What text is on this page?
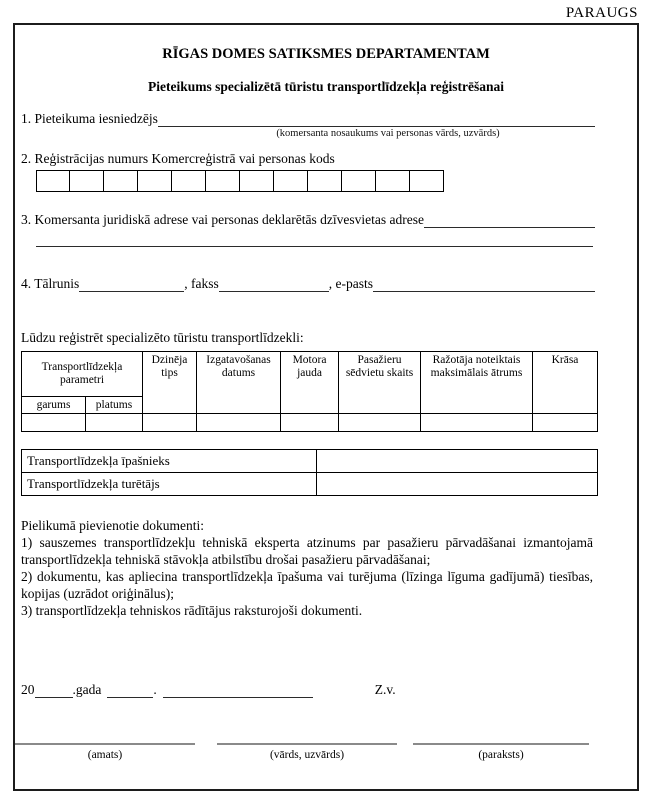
PARAUGS
RĪGAS DOMES SATIKSMES DEPARTAMENTAM
Pieteikums specializētā tūristu transportlīdzekļa reģistrēšanai
1. Pieteikuma iesniedzējs
(komersanta nosaukums vai personas vārds, uzvārds)
2. Reģistrācijas numurs Komercreģistrā vai personas kods
3. Komersanta juridiskā adrese vai personas deklarētās dzīvesvietas adrese
4. Tālrunis	, fakss	, e-pasts
Lūdzu reģistrēt specializēto tūristu transportlīdzekli:
Transportlīdzekļa parametri		Dzinēja tips	Izgatavošanas datums	Motora jauda	Pasažieru sēdvietu skaits	Ražotāja noteiktais maksimālais ātrums	Krāsa
garums	platums						

Transportlīdzekļa īpašnieks	
Transportlīdzekļa turētājs	
Pielikumā pievienotie dokumenti:
1) sauszemes transportlīdzekļu tehniskā eksperta atzinums par pasažieru pārvadāšanai izmantojamā transportlīdzekļa tehniskā stāvokļa atbilstību drošai pasažieru pārvadāšanai;
2) dokumentu, kas apliecina transportlīdzekļa īpašuma vai turējuma (līzinga līguma gadījumā) tiesības, kopijas (uzrādot oriģinālus);
3) transportlīdzekļa tehniskos rādītājus raksturojoši dokumenti.
20	.gada	.	Z.v.
(amats)	(vārds, uzvārds)	(paraksts)
